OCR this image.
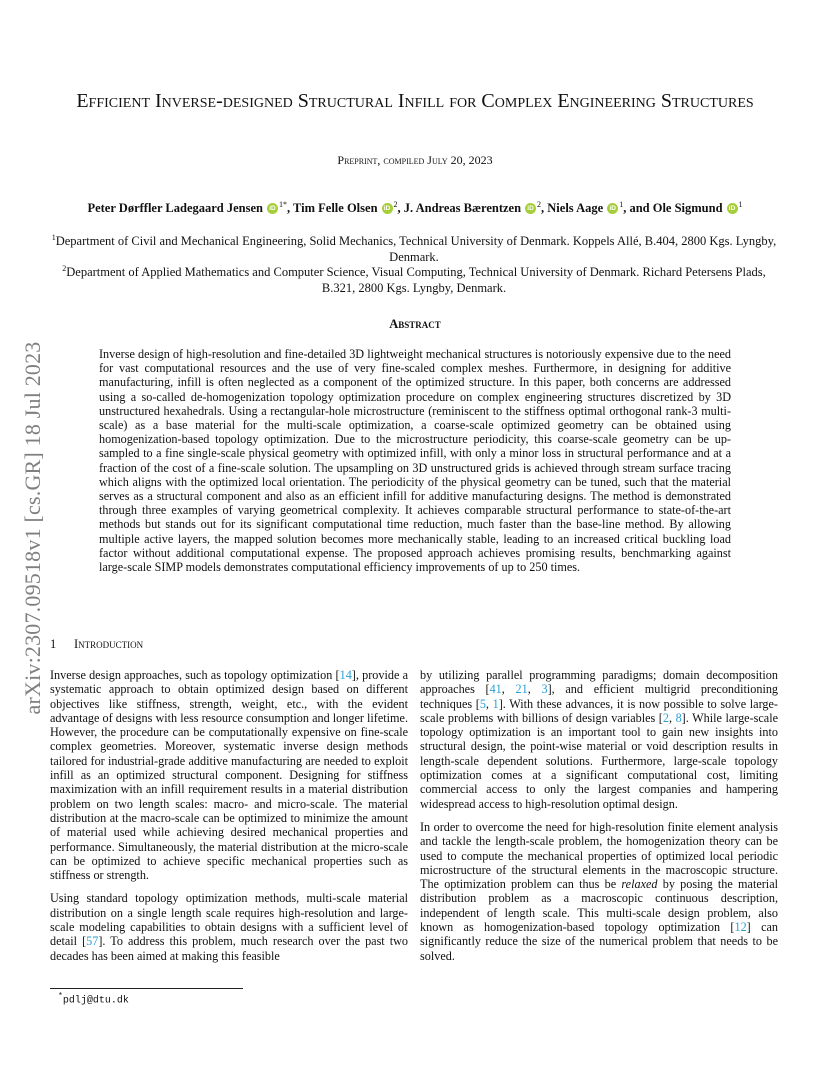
arXiv:2307.09518v1 [cs.GR] 18 Jul 2023
Efficient Inverse-designed Structural Infill for Complex Engineering Structures
Preprint, compiled July 20, 2023
Peter Dørffler Ladegaard Jensen iD $^{1*}$, Tim Felle Olsen iD $^2$, J. Andreas Bærentzen iD $^2$, Niels Aage iD $^1$, and Ole Sigmund iD $^1$
$^1$Department of Civil and Mechanical Engineering, Solid Mechanics, Technical University of Denmark. Koppels Allé, B.404, 2800 Kgs. Lyngby, Denmark.
$^2$Department of Applied Mathematics and Computer Science, Visual Computing, Technical University of Denmark. Richard Petersens Plads, B.321, 2800 Kgs. Lyngby, Denmark.
Abstract

Inverse design of high-resolution and fine-detailed 3D lightweight mechanical structures is notoriously expensive due to the need for vast computational resources and the use of very fine-scaled complex meshes. Furthermore, in designing for additive manufacturing, infill is often neglected as a component of the optimized structure. In this paper, both concerns are addressed using a so-called de-homogenization topology optimization procedure on complex engineering structures discretized by 3D unstructured hexahedrals. Using a rectangular-hole microstructure (reminiscent to the stiffness optimal orthogonal rank-3 multi-scale) as a base material for the multi-scale optimization, a coarse-scale optimized geometry can be obtained using homogenization-based topology optimization. Due to the microstructure periodicity, this coarse-scale geometry can be up-sampled to a fine single-scale physical geometry with optimized infill, with only a minor loss in structural performance and at a fraction of the cost of a fine-scale solution. The upsampling on 3D unstructured grids is achieved through stream surface tracing which aligns with the optimized local orientation. The periodicity of the physical geometry can be tuned, such that the material serves as a structural component and also as an efficient infill for additive manufacturing designs. The method is demonstrated through three examples of varying geometrical complexity. It achieves comparable structural performance to state-of-the-art methods but stands out for its significant computational time reduction, much faster than the base-line method. By allowing multiple active layers, the mapped solution becomes more mechanically stable, leading to an increased critical buckling load factor without additional computational expense. The proposed approach achieves promising results, benchmarking against large-scale SIMP models demonstrates computational efficiency improvements of up to 250 times.

1 Introduction

Inverse design approaches, such as topology optimization [14], provide a systematic approach to obtain optimized design based on different objectives like stiffness, strength, weight, etc., with the evident advantage of designs with less resource consumption and longer lifetime. However, the procedure can be computationally expensive on fine-scale complex geometries. Moreover, systematic inverse design methods tailored for industrial-grade additive manufacturing are needed to exploit infill as an optimized structural component. Designing for stiffness maximization with an infill requirement results in a material distribution problem on two length scales: macro- and micro-scale. The material distribution at the macro-scale can be optimized to minimize the amount of material used while achieving desired mechanical properties and performance. Simultaneously, the material distribution at the micro-scale can be optimized to achieve specific mechanical properties such as stiffness or strength.

Using standard topology optimization methods, multi-scale material distribution on a single length scale requires high-resolution and large-scale modeling capabilities to obtain designs with a sufficient level of detail [57]. To address this problem, much research over the past two decades has been aimed at making this feasible

by utilizing parallel programming paradigms; domain decomposition approaches [41, 21, 3], and efficient multigrid preconditioning techniques [5, 1]. With these advances, it is now possible to solve large-scale problems with billions of design variables [2, 8]. While large-scale topology optimization is an important tool to gain new insights into structural design, the point-wise material or void description results in length-scale dependent solutions. Furthermore, large-scale topology optimization comes at a significant computational cost, limiting commercial access to only the largest companies and hampering widespread access to high-resolution optimal design.

In order to overcome the need for high-resolution finite element analysis and tackle the length-scale problem, the homogenization theory can be used to compute the mechanical properties of optimized local periodic microstructure of the structural elements in the macroscopic structure. The optimization problem can thus be relaxed by posing the material distribution problem as a macroscopic continuous description, independent of length scale. This multi-scale design problem, also known as homogenization-based topology optimization [12] can significantly reduce the size of the numerical problem that needs to be solved.

*pdlj@dtu.dk
